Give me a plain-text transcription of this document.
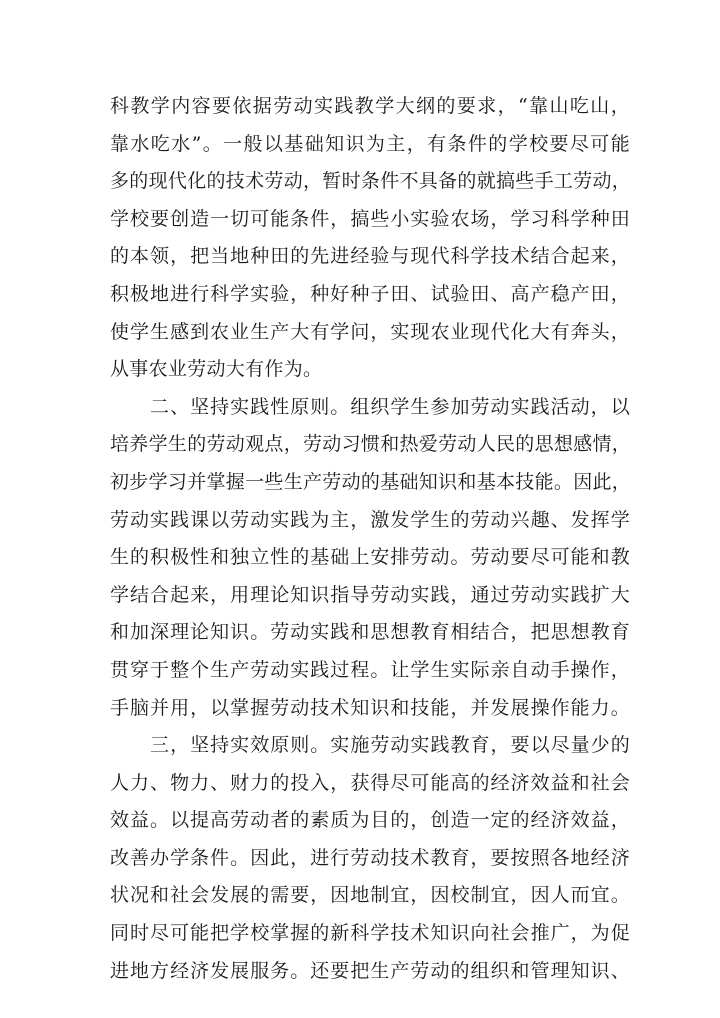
科教学内容要依据劳动实践教学大纲的要求，“靠山吃山，
靠水吃水”。一般以基础知识为主，有条件的学校要尽可能
多的现代化的技术劳动，暂时条件不具备的就搞些手工劳动，
学校要创造一切可能条件，搞些小实验农场，学习科学种田
的本领，把当地种田的先进经验与现代科学技术结合起来，
积极地进行科学实验，种好种子田、试验田、高产稳产田，
使学生感到农业生产大有学问，实现农业现代化大有奔头，
从事农业劳动大有作为。
　　二、坚持实践性原则。组织学生参加劳动实践活动，以
培养学生的劳动观点，劳动习惯和热爱劳动人民的思想感情，
初步学习并掌握一些生产劳动的基础知识和基本技能。因此，
劳动实践课以劳动实践为主，激发学生的劳动兴趣、发挥学
生的积极性和独立性的基础上安排劳动。劳动要尽可能和教
学结合起来，用理论知识指导劳动实践，通过劳动实践扩大
和加深理论知识。劳动实践和思想教育相结合，把思想教育
贯穿于整个生产劳动实践过程。让学生实际亲自动手操作，
手脑并用，以掌握劳动技术知识和技能，并发展操作能力。
　　三，坚持实效原则。实施劳动实践教育，要以尽量少的
人力、物力、财力的投入，获得尽可能高的经济效益和社会
效益。以提高劳动者的素质为目的，创造一定的经济效益，
改善办学条件。因此，进行劳动技术教育，要按照各地经济
状况和社会发展的需要，因地制宜，因校制宜，因人而宜。
同时尽可能把学校掌握的新科学技术知识向社会推广，为促
进地方经济发展服务。还要把生产劳动的组织和管理知识、
